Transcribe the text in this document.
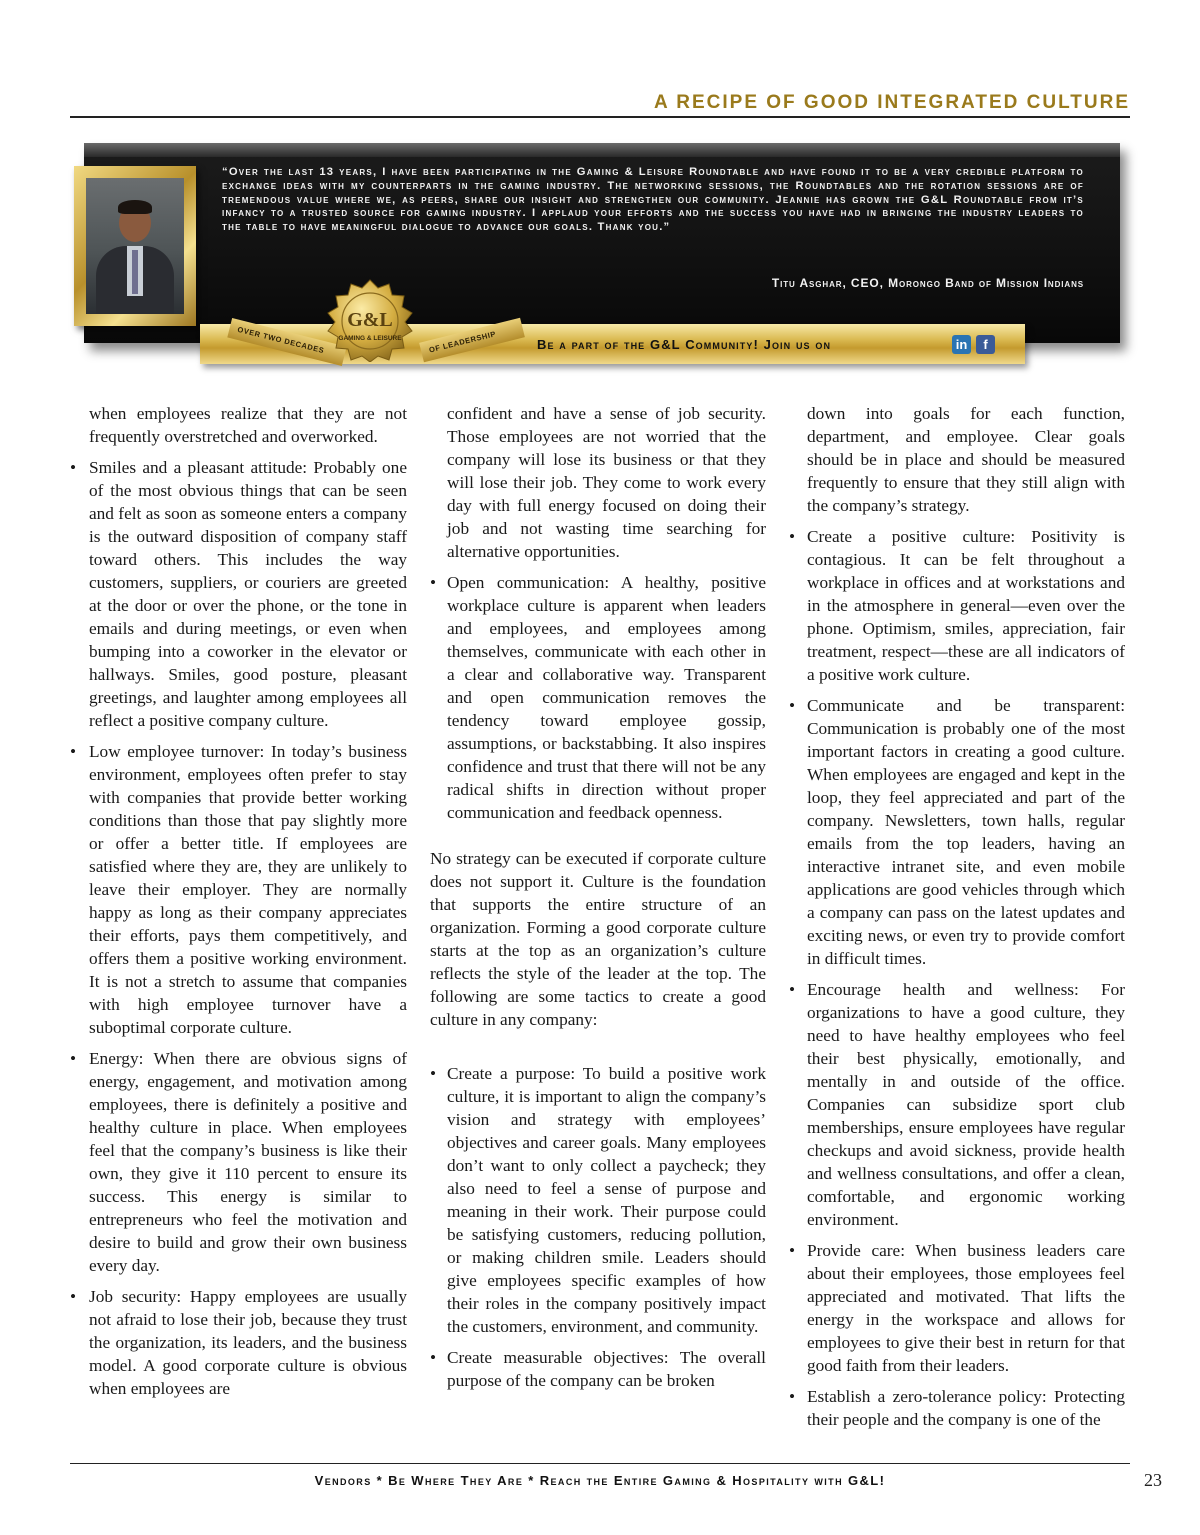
A RECIPE OF GOOD INTEGRATED CULTURE
“Over the last 13 years, I have been participating in the Gaming & Leisure Roundtable and have found it to be a very credible platform to exchange ideas with my counterparts in the gaming industry. The networking sessions, the Roundtables and the rotation sessions are of tremendous value where we, as peers, share our insight and strengthen our community. Jeannie has grown the G&L Roundtable from it’s infancy to a trusted source for gaming industry. I applaud your efforts and the success you have had in bringing the industry leaders to the table to have meaningful dialogue to advance our goals. Thank you.”
Titu Asghar, CEO, Morongo Band of Mission Indians
OVER TWO DECADES	OF LEADERSHIP
G&L
GAMING & LEISURE	Be a part of the G&L Community! Join us on	in	f

when employees realize that they are not frequently overstretched and overworked.

• Smiles and a pleasant attitude: Probably one of the most obvious things that can be seen and felt as soon as someone enters a company is the outward disposition of company staff toward others. This includes the way customers, suppliers, or couriers are greeted at the door or over the phone, or the tone in emails and during meetings, or even when bumping into a coworker in the elevator or hallways. Smiles, good posture, pleasant greetings, and laughter among employees all reflect a positive company culture.

• Low employee turnover: In today’s business environment, employees often prefer to stay with companies that provide better working conditions than those that pay slightly more or offer a better title. If employees are satisfied where they are, they are unlikely to leave their employer. They are normally happy as long as their company appreciates their efforts, pays them competitively, and offers them a positive working environment. It is not a stretch to assume that companies with high employee turnover have a suboptimal corporate culture.

• Energy: When there are obvious signs of energy, engagement, and motivation among employees, there is definitely a positive and healthy culture in place. When employees feel that the company’s business is like their own, they give it 110 percent to ensure its success. This energy is similar to entrepreneurs who feel the motivation and desire to build and grow their own business every day.

• Job security: Happy employees are usually not afraid to lose their job, because they trust the organization, its leaders, and the business model. A good corporate culture is obvious when employees are

confident and have a sense of job security. Those employees are not worried that the company will lose its business or that they will lose their job. They come to work every day with full energy focused on doing their job and not wasting time searching for alternative opportunities.

• Open communication: A healthy, positive workplace culture is apparent when leaders and employees, and employees among themselves, communicate with each other in a clear and collaborative way. Transparent and open communication removes the tendency toward employee gossip, assumptions, or backstabbing. It also inspires confidence and trust that there will not be any radical shifts in direction without proper communication and feedback openness.

No strategy can be executed if corporate culture does not support it. Culture is the foundation that supports the entire structure of an organization. Forming a good corporate culture starts at the top as an organization’s culture reflects the style of the leader at the top. The following are some tactics to create a good culture in any company:

• Create a purpose: To build a positive work culture, it is important to align the company’s vision and strategy with employees’ objectives and career goals. Many employees don’t want to only collect a paycheck; they also need to feel a sense of purpose and meaning in their work. Their purpose could be satisfying customers, reducing pollution, or making children smile. Leaders should give employees specific examples of how their roles in the company positively impact the customers, environment, and community.

• Create measurable objectives: The overall purpose of the company can be broken

down into goals for each function, department, and employee. Clear goals should be in place and should be measured frequently to ensure that they still align with the company’s strategy.

• Create a positive culture: Positivity is contagious. It can be felt throughout a workplace in offices and at workstations and in the atmosphere in general—even over the phone. Optimism, smiles, appreciation, fair treatment, respect—these are all indicators of a positive work culture.

• Communicate and be transparent: Communication is probably one of the most important factors in creating a good culture. When employees are engaged and kept in the loop, they feel appreciated and part of the company. Newsletters, town halls, regular emails from the top leaders, having an interactive intranet site, and even mobile applications are good vehicles through which a company can pass on the latest updates and exciting news, or even try to provide comfort in difficult times.

• Encourage health and wellness: For organizations to have a good culture, they need to have healthy employees who feel their best physically, emotionally, and mentally in and outside of the office. Companies can subsidize sport club memberships, ensure employees have regular checkups and avoid sickness, provide health and wellness consultations, and offer a clean, comfortable, and ergonomic working environment.

• Provide care: When business leaders care about their employees, those employees feel appreciated and motivated. That lifts the energy in the workspace and allows for employees to give their best in return for that good faith from their leaders.

• Establish a zero-tolerance policy: Protecting their people and the company is one of the

Vendors * Be Where They Are * Reach the Entire Gaming & Hospitality with G&L!	23
